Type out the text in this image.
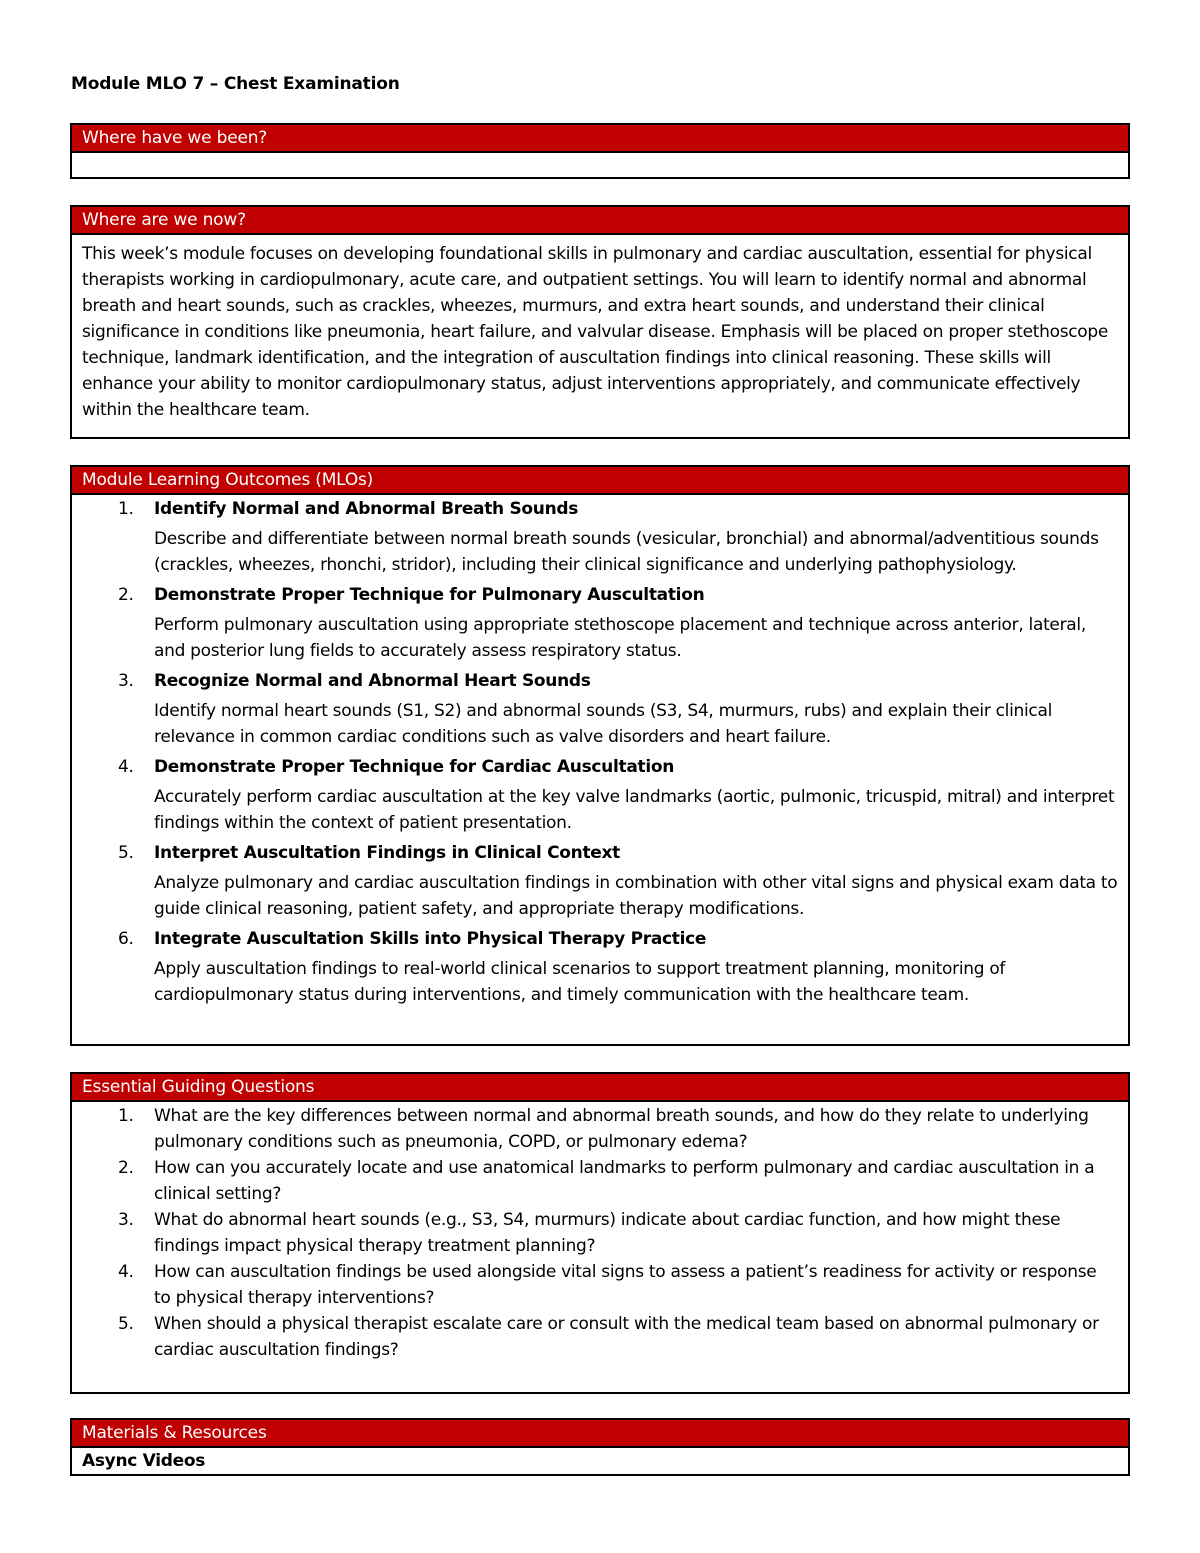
Module MLO 7 – Chest Examination
Where have we been?
Where are we now?
This week’s module focuses on developing foundational skills in pulmonary and cardiac auscultation, essential for physical therapists working in cardiopulmonary, acute care, and outpatient settings. You will learn to identify normal and abnormal breath and heart sounds, such as crackles, wheezes, murmurs, and extra heart sounds, and understand their clinical significance in conditions like pneumonia, heart failure, and valvular disease. Emphasis will be placed on proper stethoscope technique, landmark identification, and the integration of auscultation findings into clinical reasoning. These skills will enhance your ability to monitor cardiopulmonary status, adjust interventions appropriately, and communicate effectively within the healthcare team.
Module Learning Outcomes (MLOs)
1.	Identify Normal and Abnormal Breath Sounds
Describe and differentiate between normal breath sounds (vesicular, bronchial) and abnormal/adventitious sounds (crackles, wheezes, rhonchi, stridor), including their clinical significance and underlying pathophysiology.
2.	Demonstrate Proper Technique for Pulmonary Auscultation
Perform pulmonary auscultation using appropriate stethoscope placement and technique across anterior, lateral, and posterior lung fields to accurately assess respiratory status.
3.	Recognize Normal and Abnormal Heart Sounds
Identify normal heart sounds (S1, S2) and abnormal sounds (S3, S4, murmurs, rubs) and explain their clinical relevance in common cardiac conditions such as valve disorders and heart failure.
4.	Demonstrate Proper Technique for Cardiac Auscultation
Accurately perform cardiac auscultation at the key valve landmarks (aortic, pulmonic, tricuspid, mitral) and interpret findings within the context of patient presentation.
5.	Interpret Auscultation Findings in Clinical Context
Analyze pulmonary and cardiac auscultation findings in combination with other vital signs and physical exam data to guide clinical reasoning, patient safety, and appropriate therapy modifications.
6.	Integrate Auscultation Skills into Physical Therapy Practice
Apply auscultation findings to real-world clinical scenarios to support treatment planning, monitoring of cardiopulmonary status during interventions, and timely communication with the healthcare team.
Essential Guiding Questions
1.	What are the key differences between normal and abnormal breath sounds, and how do they relate to underlying pulmonary conditions such as pneumonia, COPD, or pulmonary edema?
2.	How can you accurately locate and use anatomical landmarks to perform pulmonary and cardiac auscultation in a clinical setting?
3.	What do abnormal heart sounds (e.g., S3, S4, murmurs) indicate about cardiac function, and how might these findings impact physical therapy treatment planning?
4.	How can auscultation findings be used alongside vital signs to assess a patient’s readiness for activity or response to physical therapy interventions?
5.	When should a physical therapist escalate care or consult with the medical team based on abnormal pulmonary or cardiac auscultation findings?
Materials & Resources
Async Videos
